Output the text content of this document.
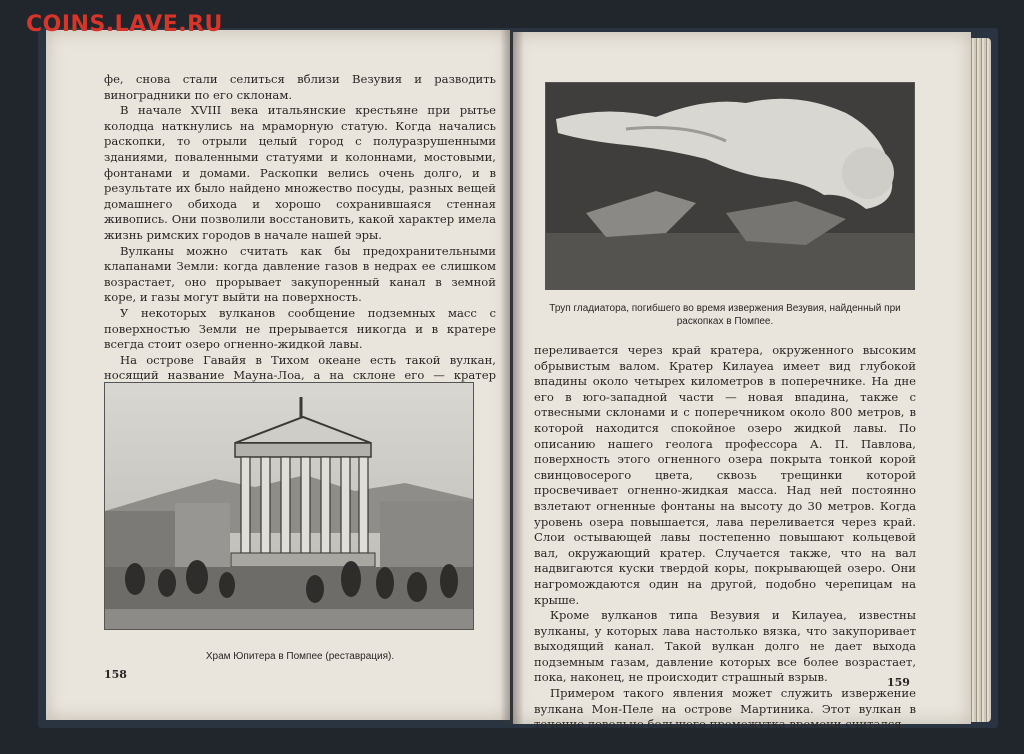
COINS.LAVE.RU

фе, снова стали селиться вблизи Везувия и разводить виноградники по его склонам.

В начале XVIII века итальянские крестьяне при рытье колодца наткнулись на мраморную статую. Когда начались раскопки, то отрыли целый город с полуразрушенными зданиями, поваленными статуями и колоннами, мостовыми, фонтанами и домами. Раскопки велись очень долго, и в результате их было найдено множество посуды, разных вещей домашнего обихода и хорошо сохранившаяся стенная живопись. Они позволили восстановить, какой характер имела жизнь римских городов в начале нашей эры.

Вулканы можно считать как бы предохранительными клапанами Земли: когда давление газов в недрах ее слишком возрастает, оно прорывает закупоренный канал в земной коре, и газы могут выйти на поверхность.

У некоторых вулканов сообщение подземных масс с поверхностью Земли не прерывается никогда и в кратере всегда стоит озеро огненно-жидкой лавы.

На острове Гавайя в Тихом океане есть такой вулкан, носящий название Мауна-Лоа, а на склоне его — кратер

Храм Юпитера в Помпее (реставрация).
158
Труп гладиатора, погибшего во время извержения Везувия, найденный при раскопках в Помпее.

переливается через край кратера, окруженного высоким обрывистым валом. Кратер Килауеа имеет вид глубокой впадины около четырех километров в поперечнике. На дне его в юго-западной части — новая впадина, также с отвесными склонами и с поперечником около 800 метров, в которой находится спокойное озеро жидкой лавы. По описанию нашего геолога профессора А. П. Павлова, поверхность этого огненного озера покрыта тонкой корой свинцовосерого цвета, сквозь трещинки которой просвечивает огненно-жидкая масса. Над ней постоянно взлетают огненные фонтаны на высоту до 30 метров. Когда уровень озера повышается, лава переливается через край. Слои остывающей лавы постепенно повышают кольцевой вал, окружающий кратер. Случается также, что на вал надвигаются куски твердой коры, покрывающей озеро. Они нагромождаются один на другой, подобно черепицам на крыше.

Кроме вулканов типа Везувия и Килауеа, известны вулканы, у которых лава настолько вязка, что закупоривает выходящий канал. Такой вулкан долго не дает выхода подземным газам, давление которых все более возрастает, пока, наконец, не происходит страшный взрыв.

Примером такого явления может служить извержение вулкана Мон-Пеле на острове Мартиника. Этот вулкан в течение довольно большого промежутка времени считался

159
